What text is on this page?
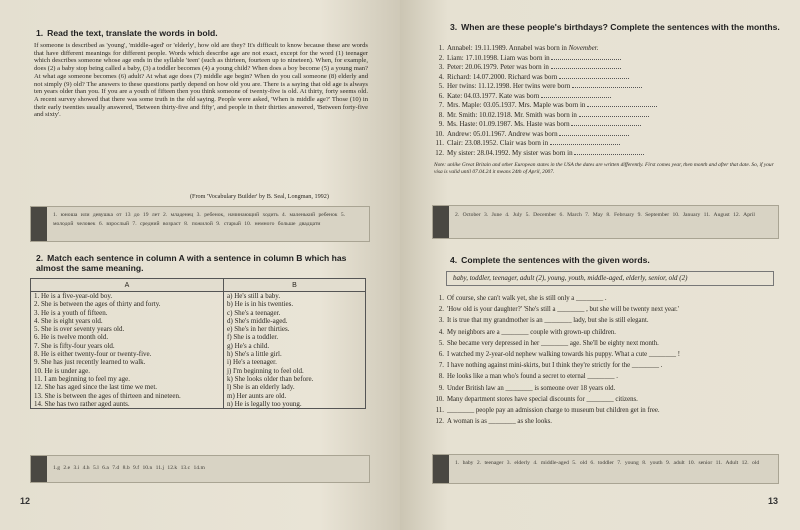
1. Read the text, translate the words in bold.
If someone is described as 'young', 'middle-aged' or 'elderly', how old are they? It's difficult to know because these are words that have different meanings for different people. Words which describe age are not exact, except for the word (1) teenager which describes someone whose age ends in the syllable 'teen' (such as thirteen, fourteen up to nineteen). When, for example, does (2) a baby stop being called a baby, (3) a toddler becomes (4) a young child? When does a boy become (5) a young man? At what age someone becomes (6) adult? At what age does (7) middle age begin? When do you call someone (8) elderly and not simply (9) old? The answers to these questions partly depend on how old you are. There is a saying that old age is always ten years older than you. If you are a youth of fifteen then you think someone of twenty-five is old. At thirty, forty seems old. A recent survey showed that there was some truth in the old saying. People were asked, 'When is middle age?' Those (10) in their early twenties usually answered, 'Between thirty-five and fifty', and people in their thirties answered, 'Between forty-five and sixty'.
(From 'Vocabulary Builder' by B. Seal, Longman, 1992)
1. юноша или девушка от 13 до 19 лет 2. младенец 3. ребенок, начинающий ходить 4. маленький ребенок 5. молодой человек 6. взрослый 7. средний возраст 8. пожилой 9. старый 10. немного больше двадцати
2. Match each sentence in column A with a sentence in column B which has almost the same meaning.
A	B
1. He is a five-year-old boy.	a) He's still a baby.
2. She is between the ages of thirty and forty.	b) He is in his twenties.
3. He is a youth of fifteen.	c) She's a teenager.
4. She is eight years old.	d) She's middle-aged.
5. She is over seventy years old.	e) She's in her thirties.
6. He is twelve month old.	f) She is a toddler.
7. She is fifty-four years old.	g) He's a child.
8. He is either twenty-four or twenty-five.	h) She's a little girl.
9. She has just recently learned to walk.	i) He's a teenager.
10. He is under age.	j) I'm beginning to feel old.
11. I am beginning to feel my age.	k) She looks older than before.
12. She has aged since the last time we met.	l) She is an elderly lady.
13. She is between the ages of thirteen and nineteen.	m) Her aunts are old.
14. She has two rather aged aunts.	n) He is legally too young.
1.g 2.e 3.i 4.h 5.l 6.a 7.d 8.b 9.f 10.n 11.j 12.k 13.c 14.m
12
3. When are these people's birthdays? Complete the sentences with the months.
1. Annabel: 19.11.1989. Annabel was born in November.
2. Liam: 17.10.1998. Liam was born in
3. Peter: 20.06.1979. Peter was born in
4. Richard: 14.07.2000. Richard was born
5. Her twins: 11.12.1998. Her twins were born
6. Kate: 04.03.1977. Kate was born
7. Mrs. Maple: 03.05.1937. Mrs. Maple was born in
8. Mr. Smith: 10.02.1918. Mr. Smith was born in
9. Ms. Haste: 01.09.1987. Ms. Haste was born
10. Andrew: 05.01.1967. Andrew was born
11. Clair: 23.08.1952. Clair was born in
12. My sister: 28.04.1992. My sister was born in
Note: unlike Great Britain and other European states in the USA the dates are written differently. First comes year, then month and after that date. So, if your visa is valid until 07.04.24 it means 24th of April, 2007.
2. October 3. June 4. July 5. December 6. March 7. May 8. February 9. September 10. January 11. August 12. April
4. Complete the sentences with the given words.
baby, toddler, teenager, adult (2), young, youth, middle-aged, elderly, senior, old (2)
1. Of course, she can't walk yet, she is still only a ________ .
2. 'How old is your daughter?' 'She's still a ________ , but she will be twenty next year.'
3. It is true that my grandmother is an ________ lady, but she is still elegant.
4. My neighbors are a ________ couple with grown-up children.
5. She became very depressed in her ________ age. She'll be eighty next month.
6. I watched my 2-year-old nephew walking towards his puppy. What a cute ________ !
7. I have nothing against mini-skirts, but I think they're strictly for the ________ .
8. He looks like a man who's found a secret to eternal ________ .
9. Under British law an ________ is someone over 18 years old.
10. Many department stores have special discounts for ________ citizens.
11. ________ people pay an admission charge to museum but children get in free.
12. A woman is as ________ as she looks.
1. baby 2. teenager 3. elderly 4. middle-aged 5. old 6. toddler 7. young 8. youth 9. adult 10. senior 11. Adult 12. old
13
